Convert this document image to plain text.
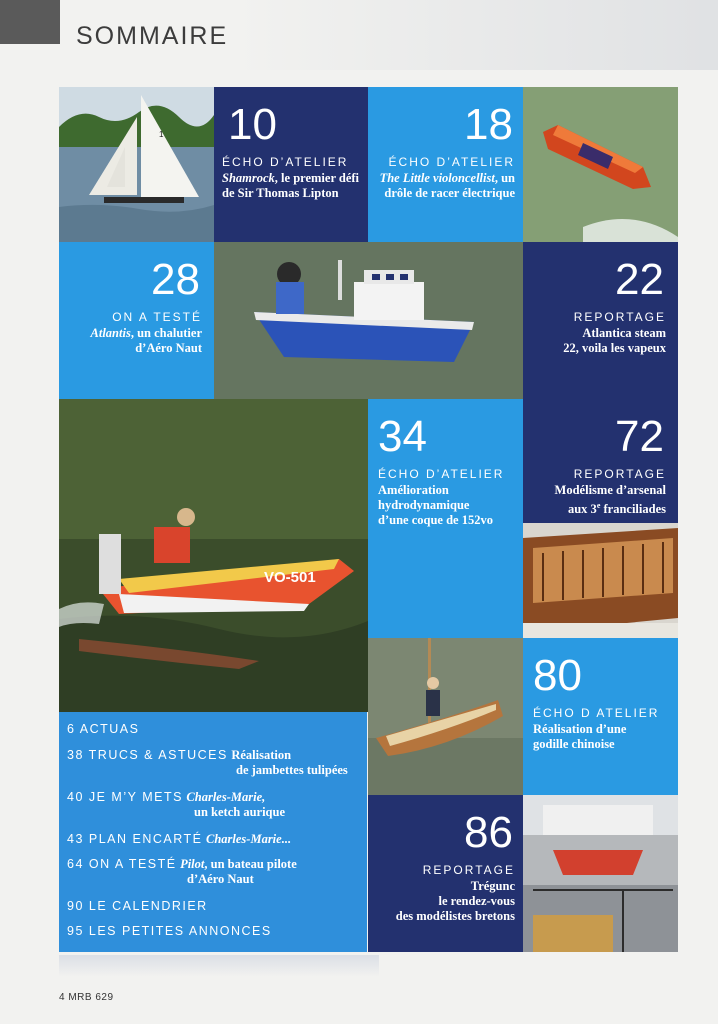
SOMMAIRE
1 10
ÉCHO D’ATELIER
Shamrock, le premier défi
de Sir Thomas Lipton
18
ÉCHO D’ATELIER
The Little violoncellist, un
drôle de racer électrique
28
ON A TESTÉ
Atlantis, un chalutier
d’Aéro Naut
22
REPORTAGE
Atlantica steam
22, voila les vapeux
VO-501
34
ÉCHO D’ATELIER
Amélioration
hydrodynamique
d’une coque de 152vo
72
REPORTAGE
Modélisme d’arsenal
aux 3e franciliades
80
ÉCHO D ATELIER
Réalisation d’une
godille chinoise
86
REPORTAGE
Trégunc
le rendez-vous
des modélistes bretons
6 ACTUAS
38 TRUCS & ASTUCES Réalisation
de jambettes tulipées
40 JE M’Y METS Charles-Marie,
un ketch aurique
43 PLAN ENCARTÉ Charles-Marie...
64 ON A TESTÉ Pilot, un bateau pilote
d’Aéro Naut
90 LE CALENDRIER
95 LES PETITES ANNONCES
4 MRB 629
